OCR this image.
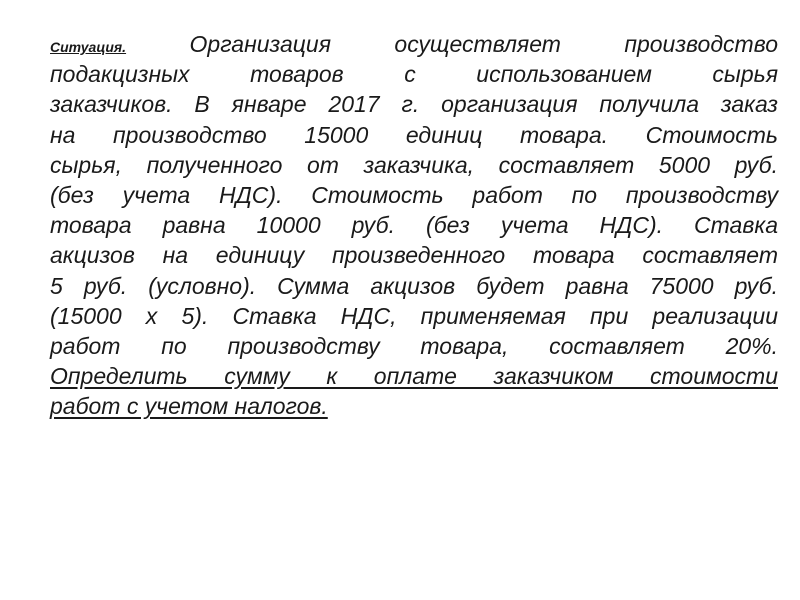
Ситуация.	Организация осуществляет производство
подакцизных товаров с использованием сырья
заказчиков. В январе 2017 г. организация получила заказ
на производство 15000 единиц товара. Стоимость
сырья, полученного от заказчика, составляет 5000 руб.
(без учета НДС). Стоимость работ по производству
товара равна 10000 руб. (без учета НДС). Ставка
акцизов на единицу произведенного товара составляет
5 руб. (условно). Сумма акцизов будет равна 75000 руб.
(15000 х 5). Ставка НДС, применяемая при реализации
работ по производству товара, составляет 20%.
Определить сумму к оплате заказчиком стоимости
работ с учетом налогов.
